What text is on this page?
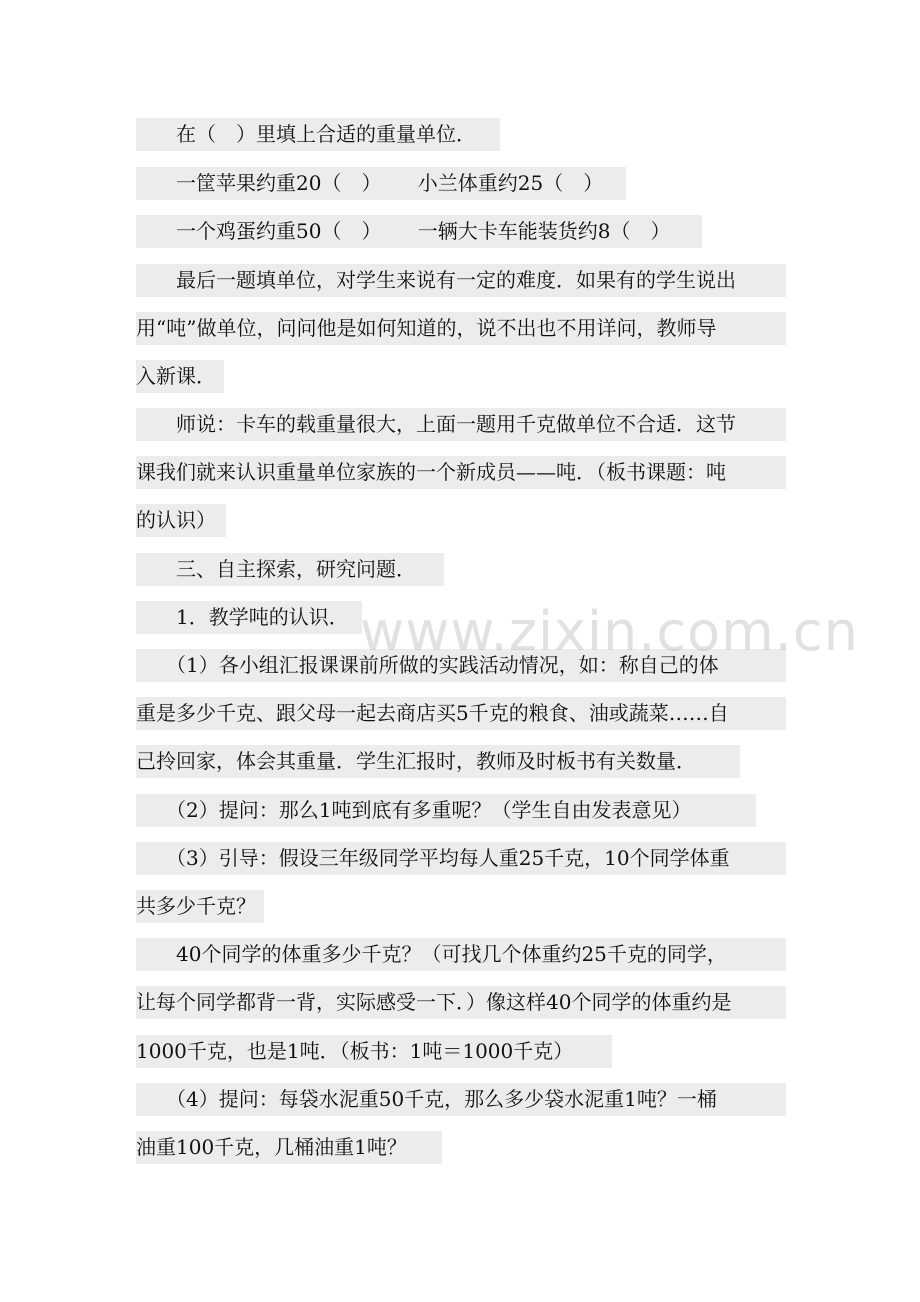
　　在（　）里填上合适的重量单位．
　　一筐苹果约重20（　）　　 小兰体重约25（　）
　　一个鸡蛋约重50（　）　　 一辆大卡车能装货约8（　）
　　最后一题填单位，对学生来说有一定的难度．如果有的学生说出
用“吨”做单位，问问他是如何知道的，说不出也不用详问，教师导
入新课．
　　师说：卡车的载重量很大，上面一题用千克做单位不合适．这节
课我们就来认识重量单位家族的一个新成员——吨．（板书课题：吨
的认识）
　　三、自主探索，研究问题．
　　1．教学吨的认识．
　　（1）各小组汇报课课前所做的实践活动情况，如：称自己的体
重是多少千克、跟父母一起去商店买5千克的粮食、油或蔬菜……自
己拎回家，体会其重量．学生汇报时，教师及时板书有关数量．
　　（2）提问：那么1吨到底有多重呢？（学生自由发表意见）
　　（3）引导：假设三年级同学平均每人重25千克，10个同学体重
共多少千克？
　　40个同学的体重多少千克？（可找几个体重约25千克的同学，
让每个同学都背一背，实际感受一下．）像这样40个同学的体重约是
1000千克，也是1吨．（板书：1吨＝1000千克）
　　（4）提问：每袋水泥重50千克，那么多少袋水泥重1吨？一桶
油重100千克，几桶油重1吨？
www.zixin.com.cn
